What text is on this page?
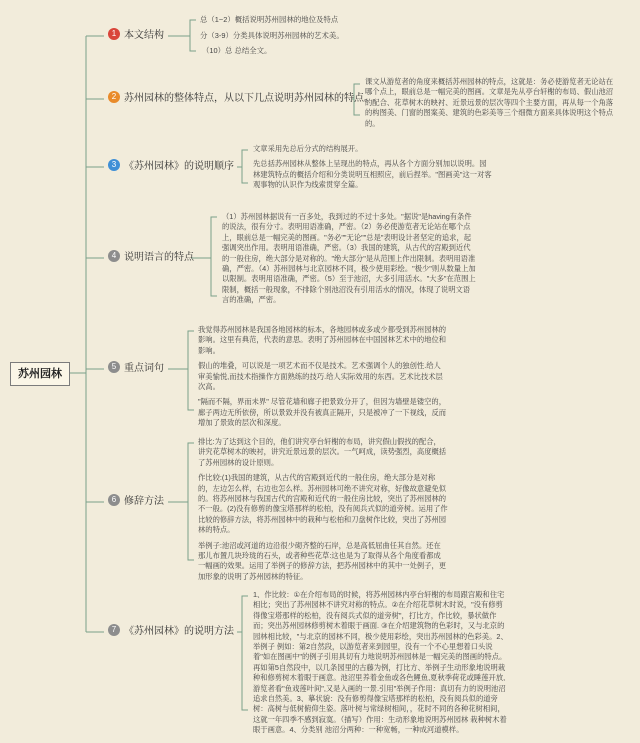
苏州园林
1 本文结构
总（1~2）概括说明苏州园林的地位及特点
分（3-9）分类具体说明苏州园林的艺术美。
（10）总 总结全文。
2 苏州园林的整体特点，从以下几点说明苏州园林的特点。

课文从游览者的角度来概括苏州园林的特点，这就是：务必使游览者无论站在哪个点上，眼前总是一幅完美的图画。文章是先从亭台轩榭的布局、假山池沼的配合、花草树木的映衬、近景远景的层次等四个主要方面，再从每一个角落的构图美、门窗的图案美、建筑的色彩美等三个细微方面来具体说明这个特点的。

3 《苏州园林》的说明顺序

文章采用先总后分式的结构展开。

先总括苏州园林从整体上呈现出的特点，再从各个方面分别加以说明。园林建筑特点的概括介绍和分类说明互相照应，前后捏举。"图画美"这一对客观事物的认识作为线索贯穿全篇。

4 说明语言的特点

（1）苏州园林据说有一百多处，我到过的不过十多处。"据说"是having有条件的说法，很有分寸。表明用语准确，严密。（2）务必使游览者无论站在哪个点上，眼前总是一幅完美的图画。"务必""无论""总是"表明设计者坚定的追求，起强调突出作用。表明用语准确，严密。（3）我国的建筑，从古代的宫殿到近代的一般住房，绝大部分是对称的。"绝大部分"是从范围上作出限制。表明用语准确，严密。（4）苏州园林与北京园林不同，极少使用彩绘。"极少"则从数量上加以限制。表明用语准确，严密。（5）至于池沼，大多引用活水。"大多"在范围上限制，概括一般现象，不排除个别池沼没有引用活水的情况，体现了说明文语言的准确，严密。

5 重点词句

我觉得苏州园林是我国各地园林的标本，各地园林或多或少都受到苏州园林的影响。这里有典范，代表的意思。表明了苏州园林在中国园林艺术中的地位和影响。

假山的堆叠，可以说是一项艺术而不仅是技术。艺术强调个人的独创性.给人审美愉悦,而技术指操作方面熟练的技巧.给人实际效用的东西。艺术比技术层次高。

"隔而不隔，界而未界" 尽管花墙和廊子把景致分开了，但因为墙壁是镂空的，廊子两边无所依傍，所以景致并没有被真正隔开，只是被冲了一下视线，反而增加了景致的层次和深度。

6 修辞方法

排比:为了达到这个目的，他们讲究亭台轩榭的布局，讲究假山假找的配合，讲究花草树木的映衬，讲究近景远景的层次。一气呵成，读势强烈，高度概括了苏州园林的设计原则。

作比较:(1)我国的建筑，从古代的宫殿到近代的一般住房，绝大部分是对称的，左边怎么样，右边也怎么样。苏州园林可绝不讲究对称，好像故意避免似的。将苏州园林与我国古代的宫殿和近代的一般住房比较，突出了苏州园林的不一般。(2)没有修剪的像宝塔那样的松柏，没有阅兵式似的道旁树。运用了作比较的修辞方法，将苏州园林中的栽种与松柏和刀盘树作比较，突出了苏州园林的特点。

举例子:池沼或河道的边沿很少砌齐整的石岸，总是高低屈曲任其自然。还在那儿布置几块玲珑的石头，或者种些花草:这也是为了取得从各个角度看都成一幅画的效果。运用了举例子的修辞方法，把苏州园林中的其中一处例子，更加形象的说明了苏州园林的特征。

7 《苏州园林》的说明方法

1、作比较：①在介绍布局的时候，将苏州园林内亭台轩榭的布局跟宫殿和住宅相比；突出了苏州园林不讲究对称的特点。②在介绍花草树木时说，"没有修剪得像宝塔那样的松柏，没有阅兵式似的道旁树"，打比方，作比较，暴状做作而；突出苏州园林修剪树木着眼于画面. ③在介绍建筑物的色彩时，又与北京的园林相比较，"与北京的园林不同，极少使用彩绘，突出苏州园林的色彩美。2、举例子 例如：第2自然段，以游览者来到园里，没有一个不心里想着口头说着"如在图画中"的例子引用具切有力地说明苏州园林是一幅完美的图画的特点。再如第5自然段中，以几条园里的古藤为例，打比方、举例子生动形象地说明栽种和修剪树木着眼于画意。池沼里养着金鱼或各色鲤鱼,夏秋季荷花或睡莲开放,游览者看"鱼戏莲叶间",又是入画的一景.引用"举例子作用：真切有力的说明池沼追求自然美。3、摹状貌：没有修剪得像宝塔那样的松柏，没有阅兵似的道旁树：高树与低树俯仰生姿。落叶树与常绿树相间，，花时不同的各种花树相间，这就一年四季不感到寂寞。（描写）作用：生动形象地说明苏州园林 栽种树木着眼于画意。4、分类别 池沼分两种：一种宽畅，一种成河道模样。
